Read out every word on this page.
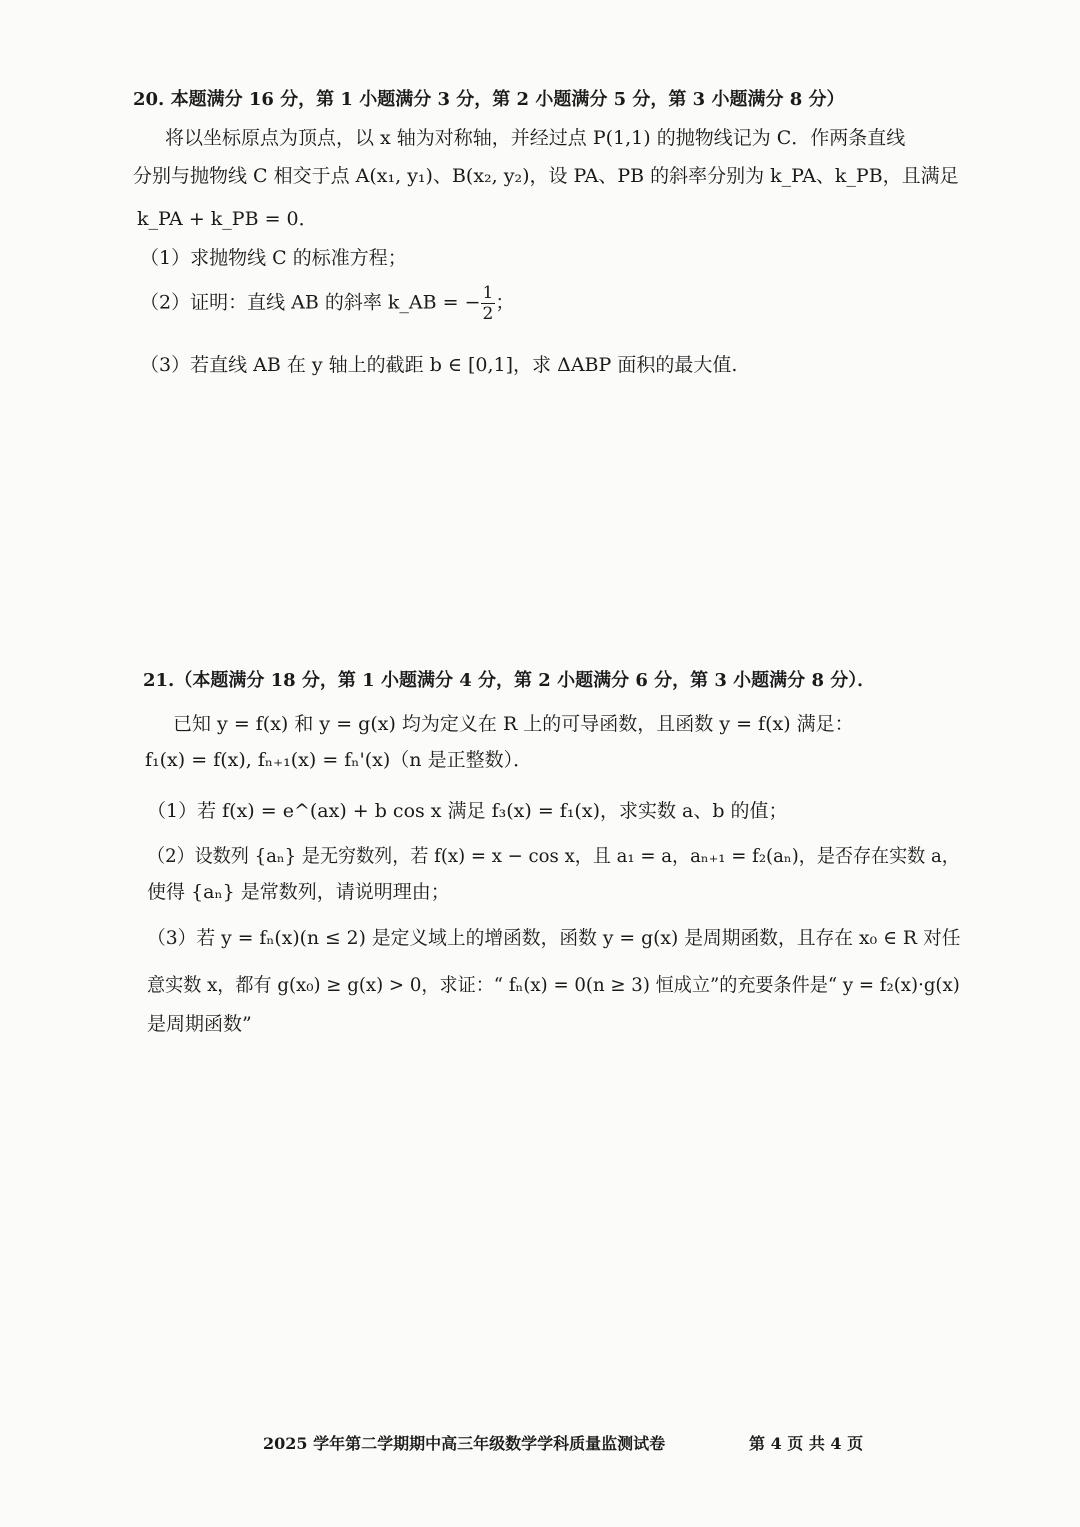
20. 本题满分 16 分，第 1 小题满分 3 分，第 2 小题满分 5 分，第 3 小题满分 8 分）
将以坐标原点为顶点，以 x 轴为对称轴，并经过点 P(1,1) 的抛物线记为 C．作两条直线
分别与抛物线 C 相交于点 A(x₁, y₁)、B(x₂, y₂)，设 PA、PB 的斜率分别为 k_PA、k_PB，且满足
k_PA + k_PB = 0．
（1）求抛物线 C 的标准方程；
（2）证明：直线 AB 的斜率 k_AB = − $\frac{1}{2}$ ；
（3）若直线 AB 在 y 轴上的截距 b ∈ [0,1]，求 ΔABP 面积的最大值.
21.（本题满分 18 分，第 1 小题满分 4 分，第 2 小题满分 6 分，第 3 小题满分 8 分）．
已知 y = f(x) 和 y = g(x) 均为定义在 R 上的可导函数，且函数 y = f(x) 满足：
f₁(x) = f(x), fₙ₊₁(x) = fₙ'(x)（n 是正整数）．
（1）若 f(x) = e^(ax) + b cos x 满足 f₃(x) = f₁(x)，求实数 a、b 的值；
（2）设数列 {aₙ} 是无穷数列，若 f(x) = x − cos x，且 a₁ = a，aₙ₊₁ = f₂(aₙ)，是否存在实数 a，
使得 {aₙ} 是常数列，请说明理由；
（3）若 y = fₙ(x)(n ≤ 2) 是定义域上的增函数，函数 y = g(x) 是周期函数，且存在 x₀ ∈ R 对任
意实数 x，都有 g(x₀) ≥ g(x) > 0，求证：“ fₙ(x) = 0(n ≥ 3) 恒成立”的充要条件是“ y = f₂(x)·g(x)
是周期函数”
2025 学年第二学期期中高三年级数学学科质量监测试卷	第 4 页 共 4 页
